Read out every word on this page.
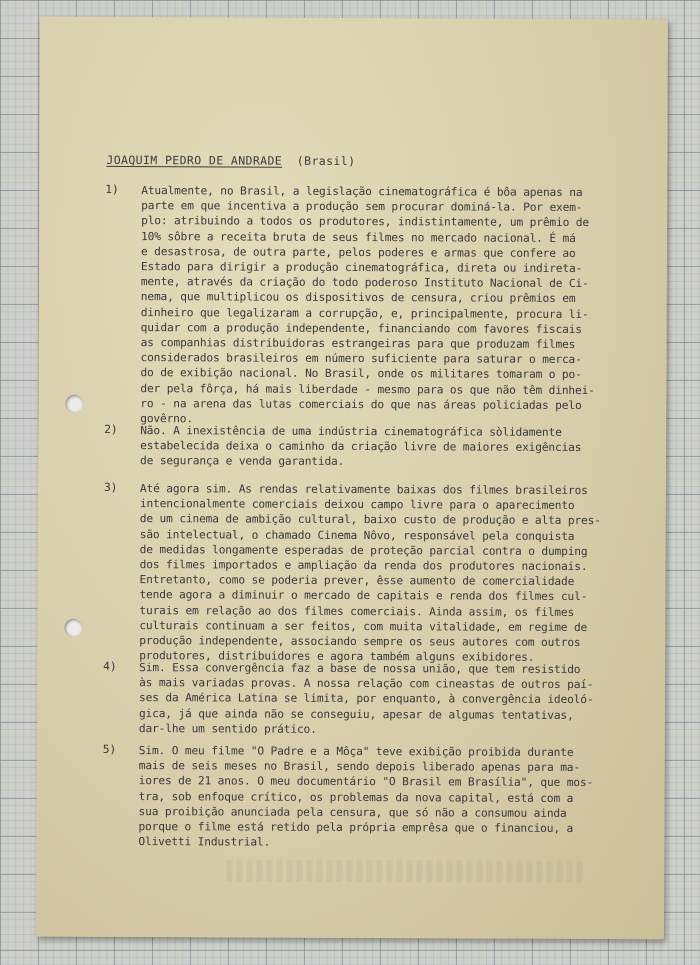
JOAQUIM PEDRO DE ANDRADE (Brasil)
1) Atualmente, no Brasil, a legislação cinematográfica é bôa apenas na
parte em que incentiva a produção sem procurar dominá-la. Por exem-
plo: atribuindo a todos os produtores, indistintamente, um prêmio de
10% sôbre a receita bruta de seus filmes no mercado nacional. É má
e desastrosa, de outra parte, pelos poderes e armas que confere ao
Estado para dirigir a produção cinematográfica, direta ou indireta-
mente, através da criação do todo poderoso Instituto Nacional de Ci-
nema, que multiplicou os dispositivos de censura, criou prêmios em
dinheiro que legalizaram a corrupção, e, principalmente, procura li-
quidar com a produção independente, financiando com favores fiscais
as companhias distribuidoras estrangeiras para que produzam filmes
considerados brasileiros em número suficiente para saturar o merca-
do de exibição nacional. No Brasil, onde os militares tomaram o po-
der pela fôrça, há mais liberdade - mesmo para os que não têm dinhei-
ro - na arena das lutas comerciais do que nas áreas policiadas pelo
govêrno.
2) Não. A inexistência de uma indústria cinematográfica sòlidamente
estabelecida deixa o caminho da criação livre de maiores exigências
de segurança e venda garantida.
3) Até agora sim. As rendas relativamente baixas dos filmes brasileiros
intencionalmente comerciais deixou campo livre para o aparecimento
de um cinema de ambição cultural, baixo custo de produção e alta pres-
são intelectual, o chamado Cinema Nôvo, responsável pela conquista
de medidas longamente esperadas de proteção parcial contra o dumping
dos filmes importados e ampliação da renda dos produtores nacionais.
Entretanto, como se poderia prever, êsse aumento de comercialidade
tende agora a diminuir o mercado de capitais e renda dos filmes cul-
turais em relação ao dos filmes comerciais. Ainda assim, os filmes
culturais continuam a ser feitos, com muita vitalidade, em regime de
produção independente, associando sempre os seus autores com outros
produtores, distribuidores e agora também alguns exibidores.
4) Sim. Essa convergência faz a base de nossa união, que tem resistido
às mais variadas provas. A nossa relação com cineastas de outros paí-
ses da América Latina se limita, por enquanto, à convergência ideoló-
gica, já que ainda não se conseguiu, apesar de algumas tentativas,
dar-lhe um sentido prático.
5) Sim. O meu filme "O Padre e a Môça" teve exibição proibida durante
mais de seis meses no Brasil, sendo depois liberado apenas para ma-
iores de 21 anos. O meu documentário "O Brasil em Brasília", que mos-
tra, sob enfoque crítico, os problemas da nova capital, está com a
sua proibição anunciada pela censura, que só não a consumou ainda
porque o filme está retido pela própria emprêsa que o financiou, a
Olivetti Industrial.
